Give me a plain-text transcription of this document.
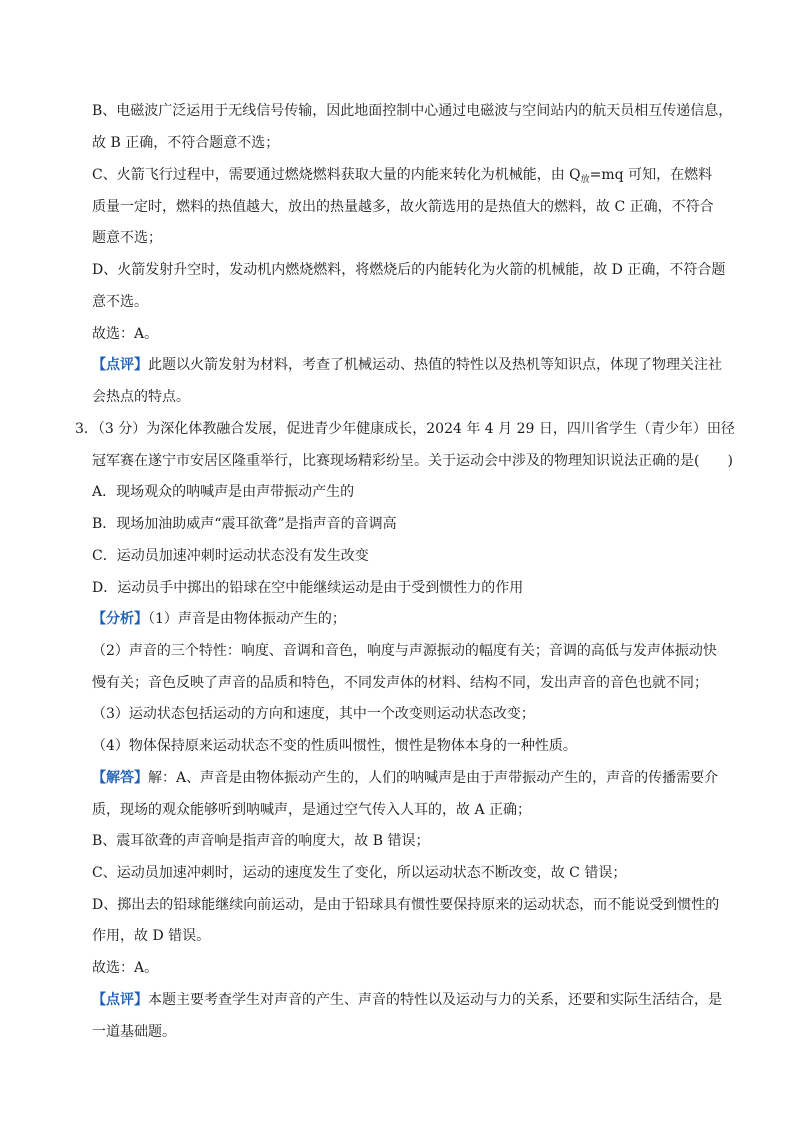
B、电磁波广泛运用于无线信号传输，因此地面控制中心通过电磁波与空间站内的航天员相互传递信息，
故 B 正确，不符合题意不选；
C、火箭飞行过程中，需要通过燃烧燃料获取大量的内能来转化为机械能，由 $Q_放=mq$ 可知，在燃料
质量一定时，燃料的热值越大，放出的热量越多，故火箭选用的是热值大的燃料，故 C 正确，不符合
题意不选；
D、火箭发射升空时，发动机内燃烧燃料，将燃烧后的内能转化为火箭的机械能，故 D 正确，不符合题
意不选。
故选：A。
【点评】此题以火箭发射为材料，考查了机械运动、热值的特性以及热机等知识点，体现了物理关注社
会热点的特点。
3．（3 分）为深化体教融合发展，促进青少年健康成长，2024 年 4 月 29 日，四川省学生（青少年）田径
冠军赛在遂宁市安居区隆重举行，比赛现场精彩纷呈。关于运动会中涉及的物理知识说法正确的是(　　)
A．现场观众的呐喊声是由声带振动产生的
B．现场加油助威声“震耳欲聋”是指声音的音调高
C．运动员加速冲刺时运动状态没有发生改变
D．运动员手中掷出的铅球在空中能继续运动是由于受到惯性力的作用
【分析】（1）声音是由物体振动产生的；
（2）声音的三个特性：响度、音调和音色，响度与声源振动的幅度有关；音调的高低与发声体振动快
慢有关；音色反映了声音的品质和特色，不同发声体的材料、结构不同，发出声音的音色也就不同；
（3）运动状态包括运动的方向和速度，其中一个改变则运动状态改变；
（4）物体保持原来运动状态不变的性质叫惯性，惯性是物体本身的一种性质。
【解答】解：A、声音是由物体振动产生的，人们的呐喊声是由于声带振动产生的，声音的传播需要介
质，现场的观众能够听到呐喊声，是通过空气传入人耳的，故 A 正确；
B、震耳欲聋的声音响是指声音的响度大，故 B 错误；
C、运动员加速冲刺时，运动的速度发生了变化，所以运动状态不断改变，故 C 错误；
D、掷出去的铅球能继续向前运动，是由于铅球具有惯性要保持原来的运动状态，而不能说受到惯性的
作用，故 D 错误。
故选：A。
【点评】本题主要考查学生对声音的产生、声音的特性以及运动与力的关系，还要和实际生活结合，是
一道基础题。
